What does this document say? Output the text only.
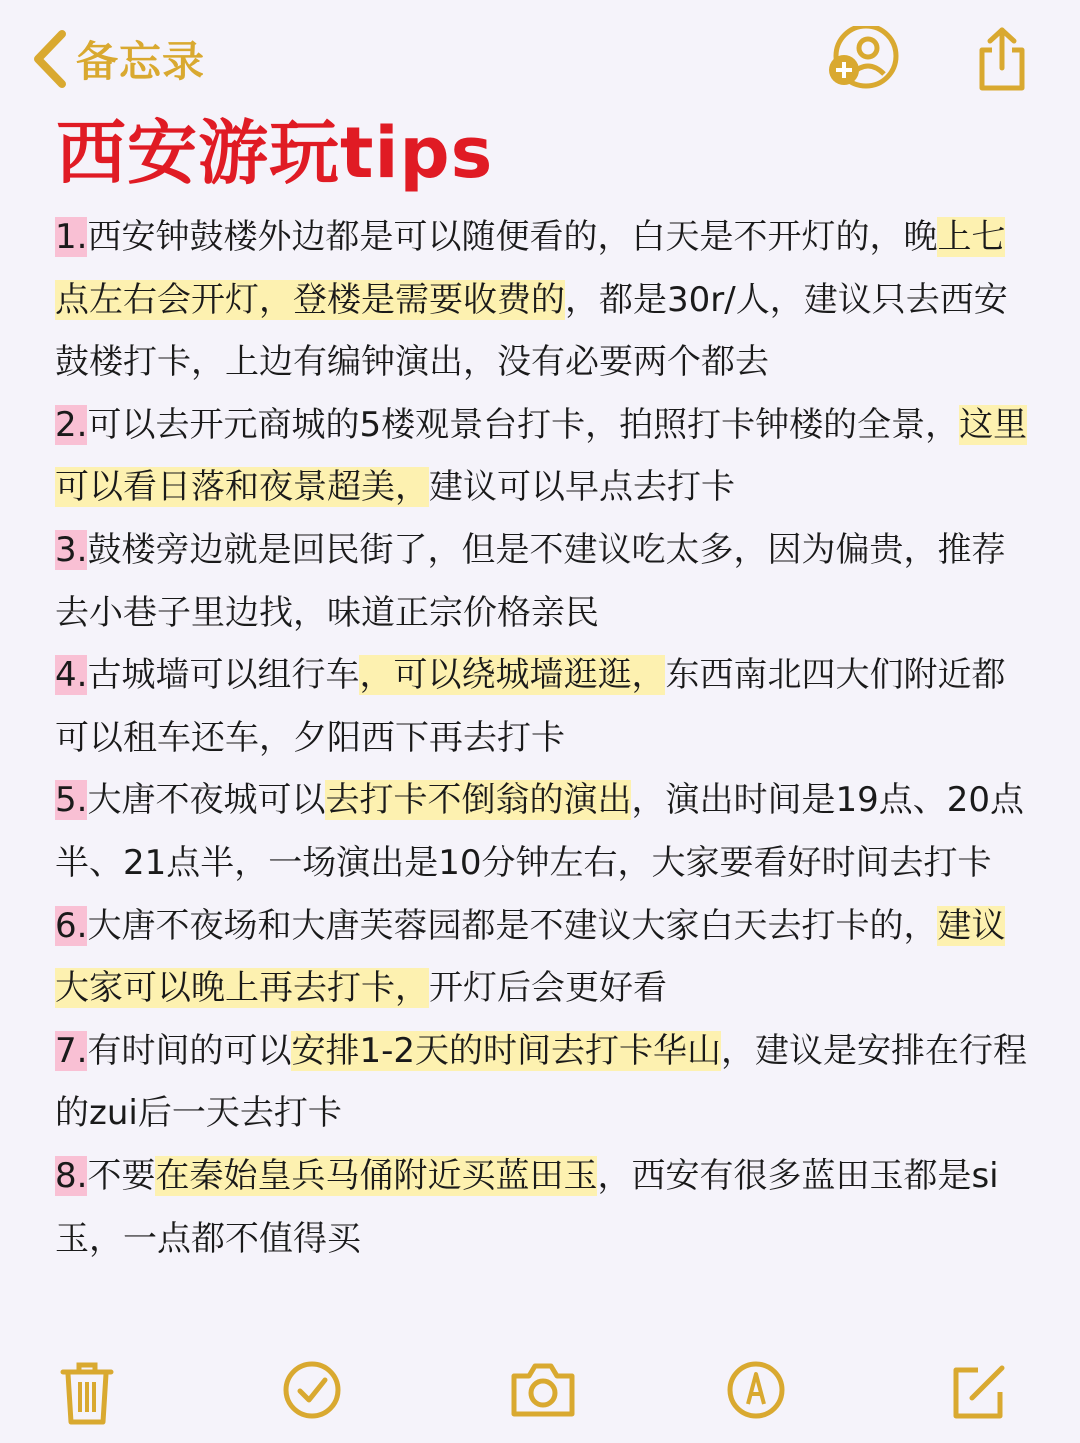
备忘录
西安游玩tips

1.西安钟鼓楼外边都是可以随便看的，白天是不开灯的，晚上七点左右会开灯，登楼是需要收费的，都是30r/人，建议只去西安鼓楼打卡，上边有编钟演出，没有必要两个都去

2.可以去开元商城的5楼观景台打卡，拍照打卡钟楼的全景，这里可以看日落和夜景超美，建议可以早点去打卡

3.鼓楼旁边就是回民街了，但是不建议吃太多，因为偏贵，推荐去小巷子里边找，味道正宗价格亲民

4.古城墙可以组行车，可以绕城墙逛逛，东西南北四大们附近都可以租车还车，夕阳西下再去打卡

5.大唐不夜城可以去打卡不倒翁的演出，演出时间是19点、20点半、21点半，一场演出是10分钟左右，大家要看好时间去打卡

6.大唐不夜场和大唐芙蓉园都是不建议大家白天去打卡的，建议大家可以晚上再去打卡，开灯后会更好看

7.有时间的可以安排1-2天的时间去打卡华山，建议是安排在行程的zui后一天去打卡

8.不要在秦始皇兵马俑附近买蓝田玉，西安有很多蓝田玉都是si玉，一点都不值得买
